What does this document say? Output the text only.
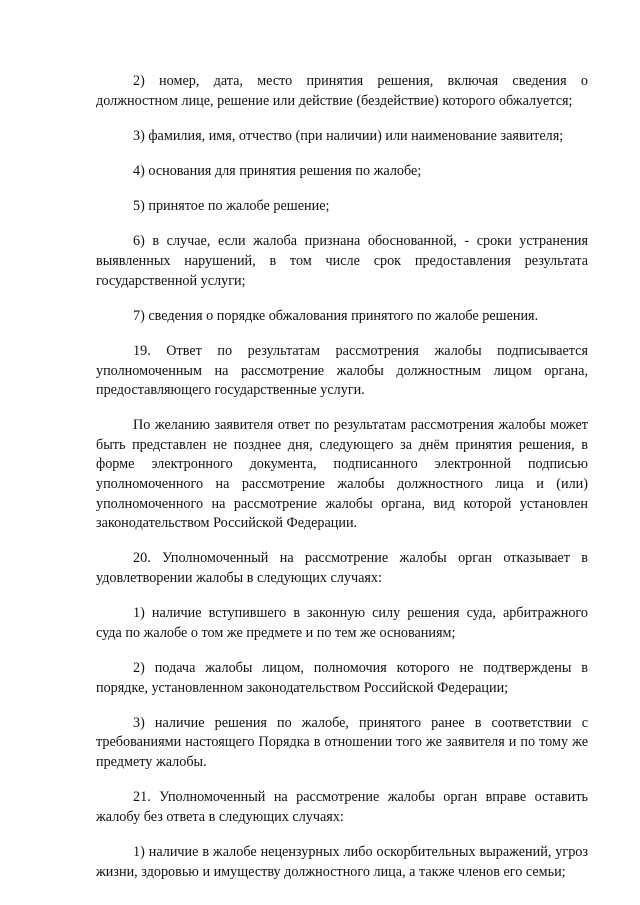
2) номер, дата, место принятия решения, включая сведения о должностном лице, решение или действие (бездействие) которого обжалуется;

3) фамилия, имя, отчество (при наличии) или наименование заявителя;

4) основания для принятия решения по жалобе;

5) принятое по жалобе решение;

6) в случае, если жалоба признана обоснованной, - сроки устранения выявленных нарушений, в том числе срок предоставления результата государственной услуги;

7) сведения о порядке обжалования принятого по жалобе решения.

19. Ответ по результатам рассмотрения жалобы подписывается уполномоченным на рассмотрение жалобы должностным лицом органа, предоставляющего государственные услуги.

По желанию заявителя ответ по результатам рассмотрения жалобы может быть представлен не позднее дня, следующего за днём принятия решения, в форме электронного документа, подписанного электронной подписью уполномоченного на рассмотрение жалобы должностного лица и (или) уполномоченного на рассмотрение жалобы органа, вид которой установлен законодательством Российской Федерации.

20. Уполномоченный на рассмотрение жалобы орган отказывает в удовлетворении жалобы в следующих случаях:

1) наличие вступившего в законную силу решения суда, арбитражного суда по жалобе о том же предмете и по тем же основаниям;

2) подача жалобы лицом, полномочия которого не подтверждены в порядке, установленном законодательством Российской Федерации;

3) наличие решения по жалобе, принятого ранее в соответствии с требованиями настоящего Порядка в отношении того же заявителя и по тому же предмету жалобы.

21. Уполномоченный на рассмотрение жалобы орган вправе оставить жалобу без ответа в следующих случаях:

1) наличие в жалобе нецензурных либо оскорбительных выражений, угроз жизни, здоровью и имуществу должностного лица, а также членов его семьи;
